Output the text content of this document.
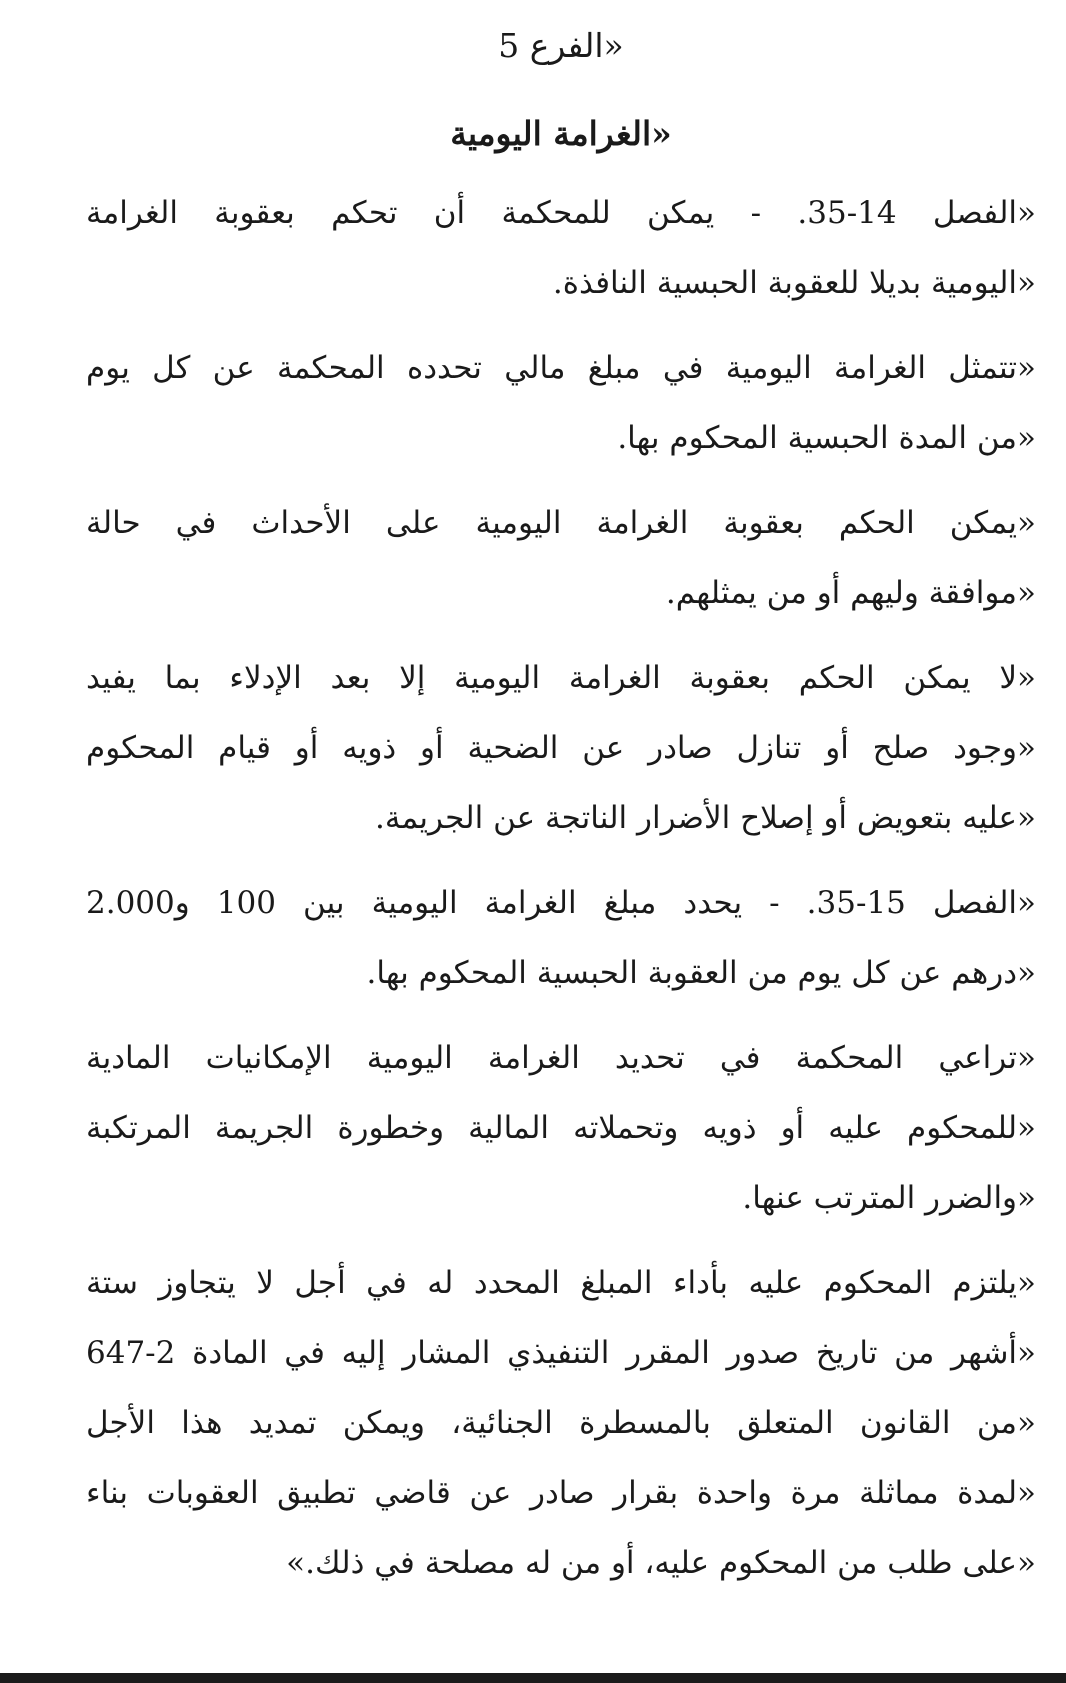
«الفرع 5
«الغرامة اليومية
«الفصل 14-35. - يمكن للمحكمة أن تحكم بعقوبة الغرامة
«اليومية بديلا للعقوبة الحبسية النافذة.
«تتمثل الغرامة اليومية في مبلغ مالي تحدده المحكمة عن كل يوم
«من المدة الحبسية المحكوم بها.
«يمكن الحكم بعقوبة الغرامة اليومية على الأحداث في حالة
«موافقة وليهم أو من يمثلهم.
«لا يمكن الحكم بعقوبة الغرامة اليومية إلا بعد الإدلاء بما يفيد
«وجود صلح أو تنازل صادر عن الضحية أو ذويه أو قيام المحكوم
«عليه بتعويض أو إصلاح الأضرار الناتجة عن الجريمة.
«الفصل 15-35. - يحدد مبلغ الغرامة اليومية بين 100 و2.000
«درهم عن كل يوم من العقوبة الحبسية المحكوم بها.
«تراعي المحكمة في تحديد الغرامة اليومية الإمكانيات المادية
«للمحكوم عليه أو ذويه وتحملاته المالية وخطورة الجريمة المرتكبة
«والضرر المترتب عنها.
«يلتزم المحكوم عليه بأداء المبلغ المحدد له في أجل لا يتجاوز ستة
«أشهر من تاريخ صدور المقرر التنفيذي المشار إليه في المادة 2-647
«من القانون المتعلق بالمسطرة الجنائية، ويمكن تمديد هذا الأجل
«لمدة مماثلة مرة واحدة بقرار صادر عن قاضي تطبيق العقوبات بناء
«على طلب من المحكوم عليه، أو من له مصلحة في ذلك.»
